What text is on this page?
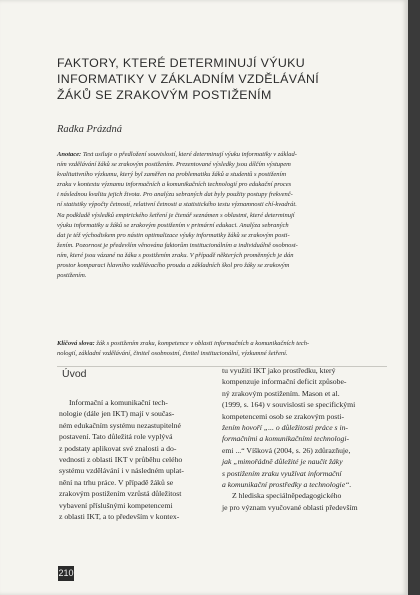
FAKTORY, KTERÉ DETERMINUJÍ VÝUKU
INFORMATIKY V ZÁKLADNÍM VZDĚLÁVÁNÍ
ŽÁKŮ SE ZRAKOVÝM POSTIŽENÍM
Radka Prázdná
Anotace: Text usiluje o předložení souvislostí, které determinují výuku informatiky v základ-
ním vzdělávání žáků se zrakovým postižením. Prezentované výsledky jsou dílčím výstupem
kvalitativního výzkumu, který byl zaměřen na problematiku žáků a studentů s postižením
zraku v kontextu významu informačních a komunikačních technologií pro edukační proces
i následnou kvalitu jejich života. Pro analýzu sebraných dat byly použity postupy frekvenč-
ní statistiky výpočty četností, relativní četnosti a statistického testu významnosti chí-kvadrát.
Na podkladě výsledků empirického šetření je čtenář seznámen s oblastmi, které determinují
výuku informatiky u žáků se zrakovým postižením v primární edukaci. Analýza sebraných
dat je též východiskem pro nástin optimalizace výuky informatiky žáků se zrakovým posti-
žením. Pozornost je především věnována faktorům institucionálním a individuálně osobnost-
ním, které jsou vázané na žáka s postižením zraku. V případě některých proměnných je dán
prostor komparaci hlavního vzdělávacího proudu a základních škol pro žáky se zrakovým
postižením.
Klíčová slova: žák s postižením zraku, kompetence v oblasti informačních a komunikačních tech-
nologií, základní vzdělávání, činitel osobnostní, činitel institucionální, výzkumné šetření.
Úvod
Informační a komunikační tech-
nologie (dále jen IKT) mají v součas-
ném edukačním systému nezastupitelné
postavení. Tato důležitá role vyplývá
z podstaty aplikovat své znalosti a do-
vednosti z oblasti IKT v průběhu celého
systému vzdělávání i v následném uplat-
nění na trhu práce. V případě žáků se
zrakovým postižením vzrůstá důležitost
vybavení příslušnými kompetencemi
z oblasti IKT, a to především v kontex-
tu využití IKT jako prostředku, který
kompenzuje informační deficit způsobe-
ný zrakovým postižením. Mason et al.
(1999, s. 164) v souvislosti se specifickými
kompetencemi osob se zrakovým posti-
žením hovoří „... o důležitosti práce s in-
formačními a komunikačními technologi-
emi ...“ Víšková (2004, s. 26) zdůrazňuje,
jak „mimořádně důležité je naučit žáky
s postižením zraku využívat informační
a komunikační prostředky a technologie“.
Z hlediska speciálněpedagogického
je pro význam vyučované oblasti především
210
